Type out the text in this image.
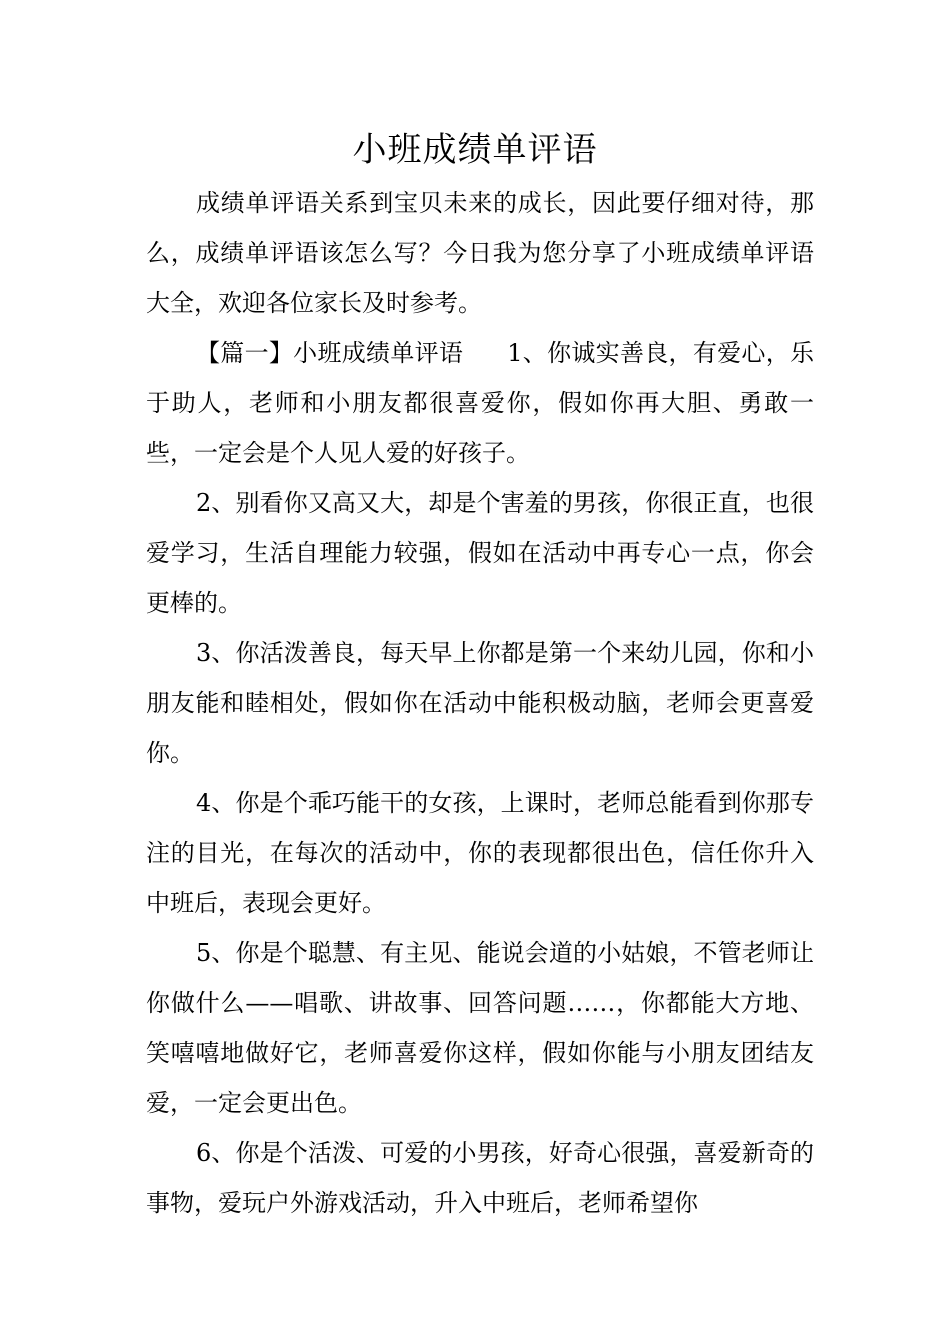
小班成绩单评语

成绩单评语关系到宝贝未来的成长，因此要仔细对待，那么，成绩单评语该怎么写？今日我为您分享了小班成绩单评语大全，欢迎各位家长及时参考。

【篇一】小班成绩单评语 1、你诚实善良，有爱心，乐于助人，老师和小朋友都很喜爱你，假如你再大胆、勇敢一些，一定会是个人见人爱的好孩子。

2、别看你又高又大，却是个害羞的男孩，你很正直，也很爱学习，生活自理能力较强，假如在活动中再专心一点，你会更棒的。

3、你活泼善良，每天早上你都是第一个来幼儿园，你和小朋友能和睦相处，假如你在活动中能积极动脑，老师会更喜爱你。

4、你是个乖巧能干的女孩，上课时，老师总能看到你那专注的目光，在每次的活动中，你的表现都很出色，信任你升入中班后，表现会更好。

5、你是个聪慧、有主见、能说会道的小姑娘，不管老师让你做什么——唱歌、讲故事、回答问题……，你都能大方地、笑嘻嘻地做好它，老师喜爱你这样，假如你能与小朋友团结友爱，一定会更出色。

6、你是个活泼、可爱的小男孩，好奇心很强，喜爱新奇的事物，爱玩户外游戏活动，升入中班后，老师希望你
